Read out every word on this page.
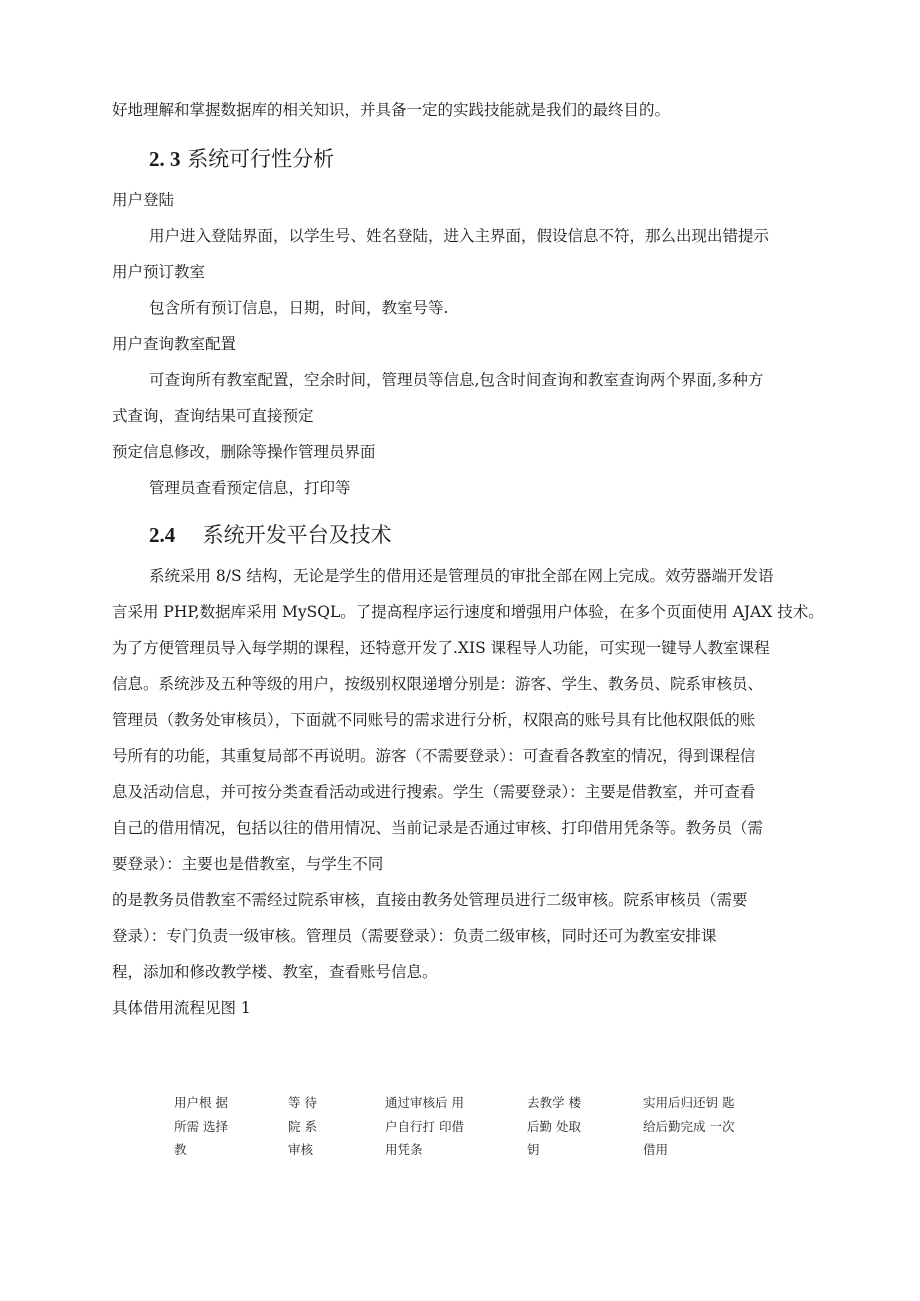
好地理解和掌握数据库的相关知识，并具备一定的实践技能就是我们的最终目的。
2. 3 系统可行性分析
用户登陆
用户进入登陆界面，以学生号、姓名登陆，进入主界面，假设信息不符，那么出现出错提示
用户预订教室
包含所有预订信息，日期，时间，教室号等.
用户查询教室配置
可查询所有教室配置，空余时间，管理员等信息,包含时间查询和教室查询两个界面,多种方
式查询，查询结果可直接预定
预定信息修改，删除等操作管理员界面
管理员查看预定信息，打印等
2.4 系统开发平台及技术
系统采用 8/S 结构，无论是学生的借用还是管理员的审批全部在网上完成。效劳器端开发语
言采用 PHP,数据库采用 MySQL。了提高程序运行速度和增强用户体验，在多个页面使用 AJAX 技术。
为了方便管理员导入每学期的课程，还特意开发了.XIS 课程导人功能，可实现一键导人教室课程
信息。系统涉及五种等级的用户，按级别权限递增分别是：游客、学生、教务员、院系审核员、
管理员（教务处审核员），下面就不同账号的需求进行分析，权限高的账号具有比他权限低的账
号所有的功能，其重复局部不再说明。游客（不需要登录）：可查看各教室的情况，得到课程信
息及活动信息，并可按分类查看活动或进行搜索。学生（需要登录）：主要是借教室，并可查看
自己的借用情况，包括以往的借用情况、当前记录是否通过审核、打印借用凭条等。教务员（需
要登录）：主要也是借教室，与学生不同
的是教务员借教室不需经过院系审核，直接由教务处管理员进行二级审核。院系审核员（需要
登录）：专门负责一级审核。管理员（需要登录）：负责二级审核，同时还可为教室安排课
程，添加和修改教学楼、教室，查看账号信息。
具体借用流程见图 1
用户根 据
所需 选择
教
等 待
院 系
审核
通过审核后 用
户自行打 印借
用凭条
去教学 楼
后勤 处取
钥
实用后归还钥 匙
给后勤完成 一次
借用
